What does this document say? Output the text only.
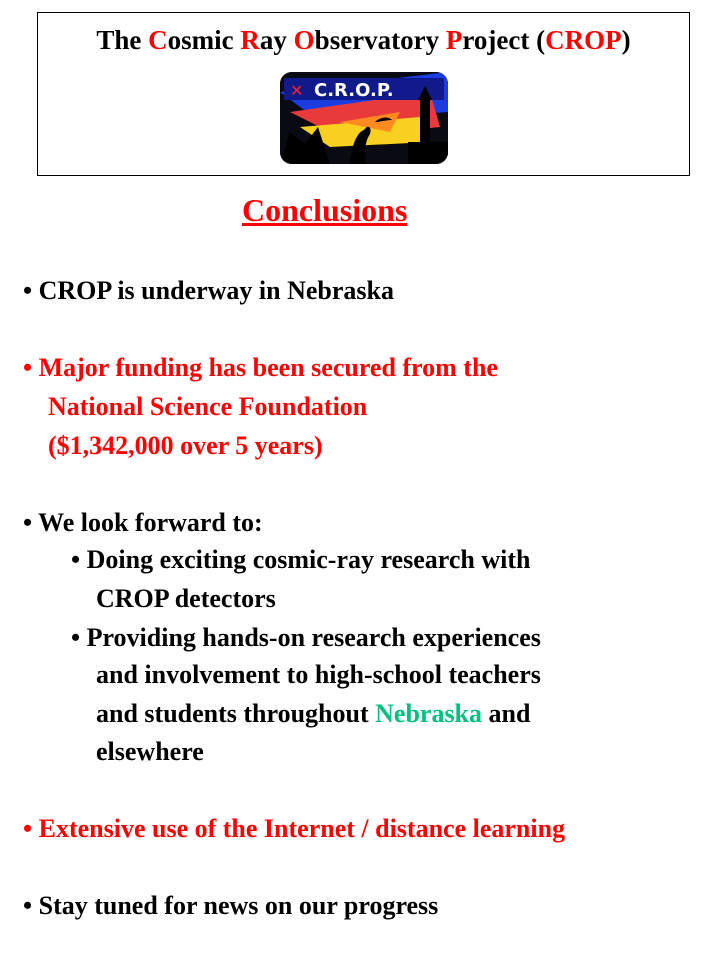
The Cosmic Ray Observatory Project (CROP)
✕ C.R.O.P.
Conclusions
• CROP is underway in Nebraska
• Major funding has been secured from the
National Science Foundation
($1,342,000 over 5 years)
• We look forward to:
• Doing exciting cosmic-ray research with
CROP detectors
• Providing hands-on research experiences
and involvement to high-school teachers
and students throughout Nebraska and
elsewhere
• Extensive use of the Internet / distance learning
• Stay tuned for news on our progress
